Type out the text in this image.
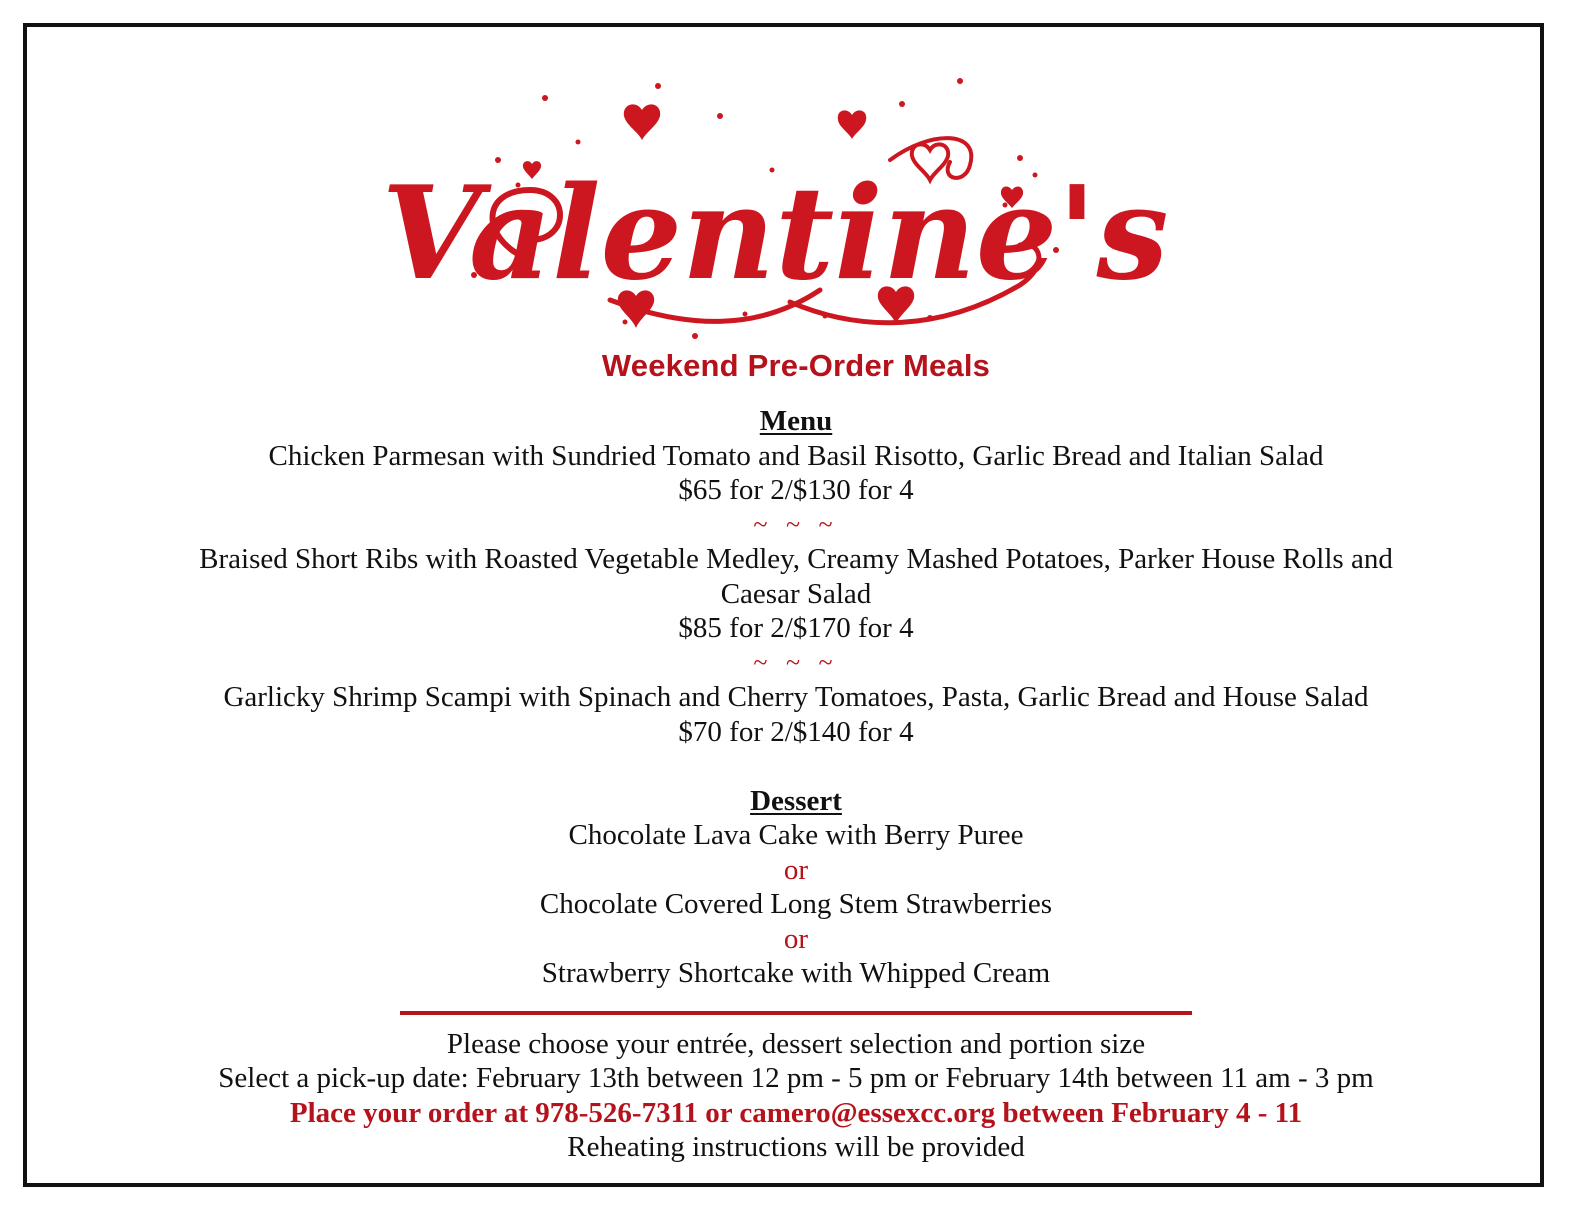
Valentine's
Weekend Pre-Order Meals
Menu
Chicken Parmesan with Sundried Tomato and Basil Risotto, Garlic Bread and Italian Salad
$65 for 2/$130 for 4
~ ~ ~
Braised Short Ribs with Roasted Vegetable Medley, Creamy Mashed Potatoes, Parker House Rolls and Caesar Salad
$85 for 2/$170 for 4
~ ~ ~
Garlicky Shrimp Scampi with Spinach and Cherry Tomatoes, Pasta, Garlic Bread and House Salad
$70 for 2/$140 for 4
Dessert
Chocolate Lava Cake with Berry Puree
or
Chocolate Covered Long Stem Strawberries
or
Strawberry Shortcake with Whipped Cream
Please choose your entrée, dessert selection and portion size
Select a pick-up date: February 13th between 12 pm - 5 pm or February 14th between 11 am - 3 pm
Place your order at 978-526-7311 or camero@essexcc.org between February 4 - 11
Reheating instructions will be provided
